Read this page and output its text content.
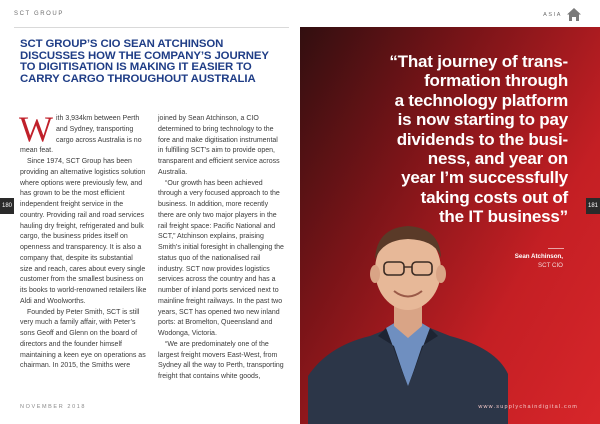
SCT GROUP
SCT GROUP’S CIO SEAN ATCHINSON
DISCUSSES HOW THE COMPANY’S JOURNEY
TO DIGITISATION IS MAKING IT EASIER TO
CARRY CARGO THROUGHOUT AUSTRALIA
W ith 3,934km between Perth and Sydney, transporting cargo across Australia is no mean feat.

Since 1974, SCT Group has been providing an alternative logistics solution where options were previously few, and has grown to be the most efficient independent freight service in the country. Providing rail and road services hauling dry freight, refrigerated and bulk cargo, the business prides itself on openness and transparency. It is also a company that, despite its substantial size and reach, cares about every single customer from the smallest business on its books to world-renowned retailers like Aldi and Woolworths.

Founded by Peter Smith, SCT is still very much a family affair, with Peter’s sons Geoff and Glenn on the board of directors and the founder himself maintaining a keen eye on operations as chairman. In 2015, the Smiths were

joined by Sean Atchinson, a CIO determined to bring technology to the fore and make digitisation instrumental in fulfilling SCT’s aim to provide open, transparent and efficient service across Australia.

“Our growth has been achieved through a very focused approach to the business. In addition, more recently there are only two major players in the rail freight space: Pacific National and SCT,” Atchinson explains, praising Smith’s initial foresight in challenging the status quo of the nationalised rail industry. SCT now provides logistics services across the country and has a number of inland ports serviced next to mainline freight railways. In the past two years, SCT has opened two new inland ports: at Bromelton, Queensland and Wodonga, Victoria.

“We are predominately one of the largest freight movers East-West, from Sydney all the way to Perth, transporting freight that contains white goods,

180
NOVEMBER 2018
ASIA
“That journey of trans-
formation through
a technology platform
is now starting to pay
dividends to the busi-
ness, and year on
year I’m successfully
taking costs out of
the IT business”
Sean Atchinson,
SCT CIO
181
www.supplychaindigital.com
